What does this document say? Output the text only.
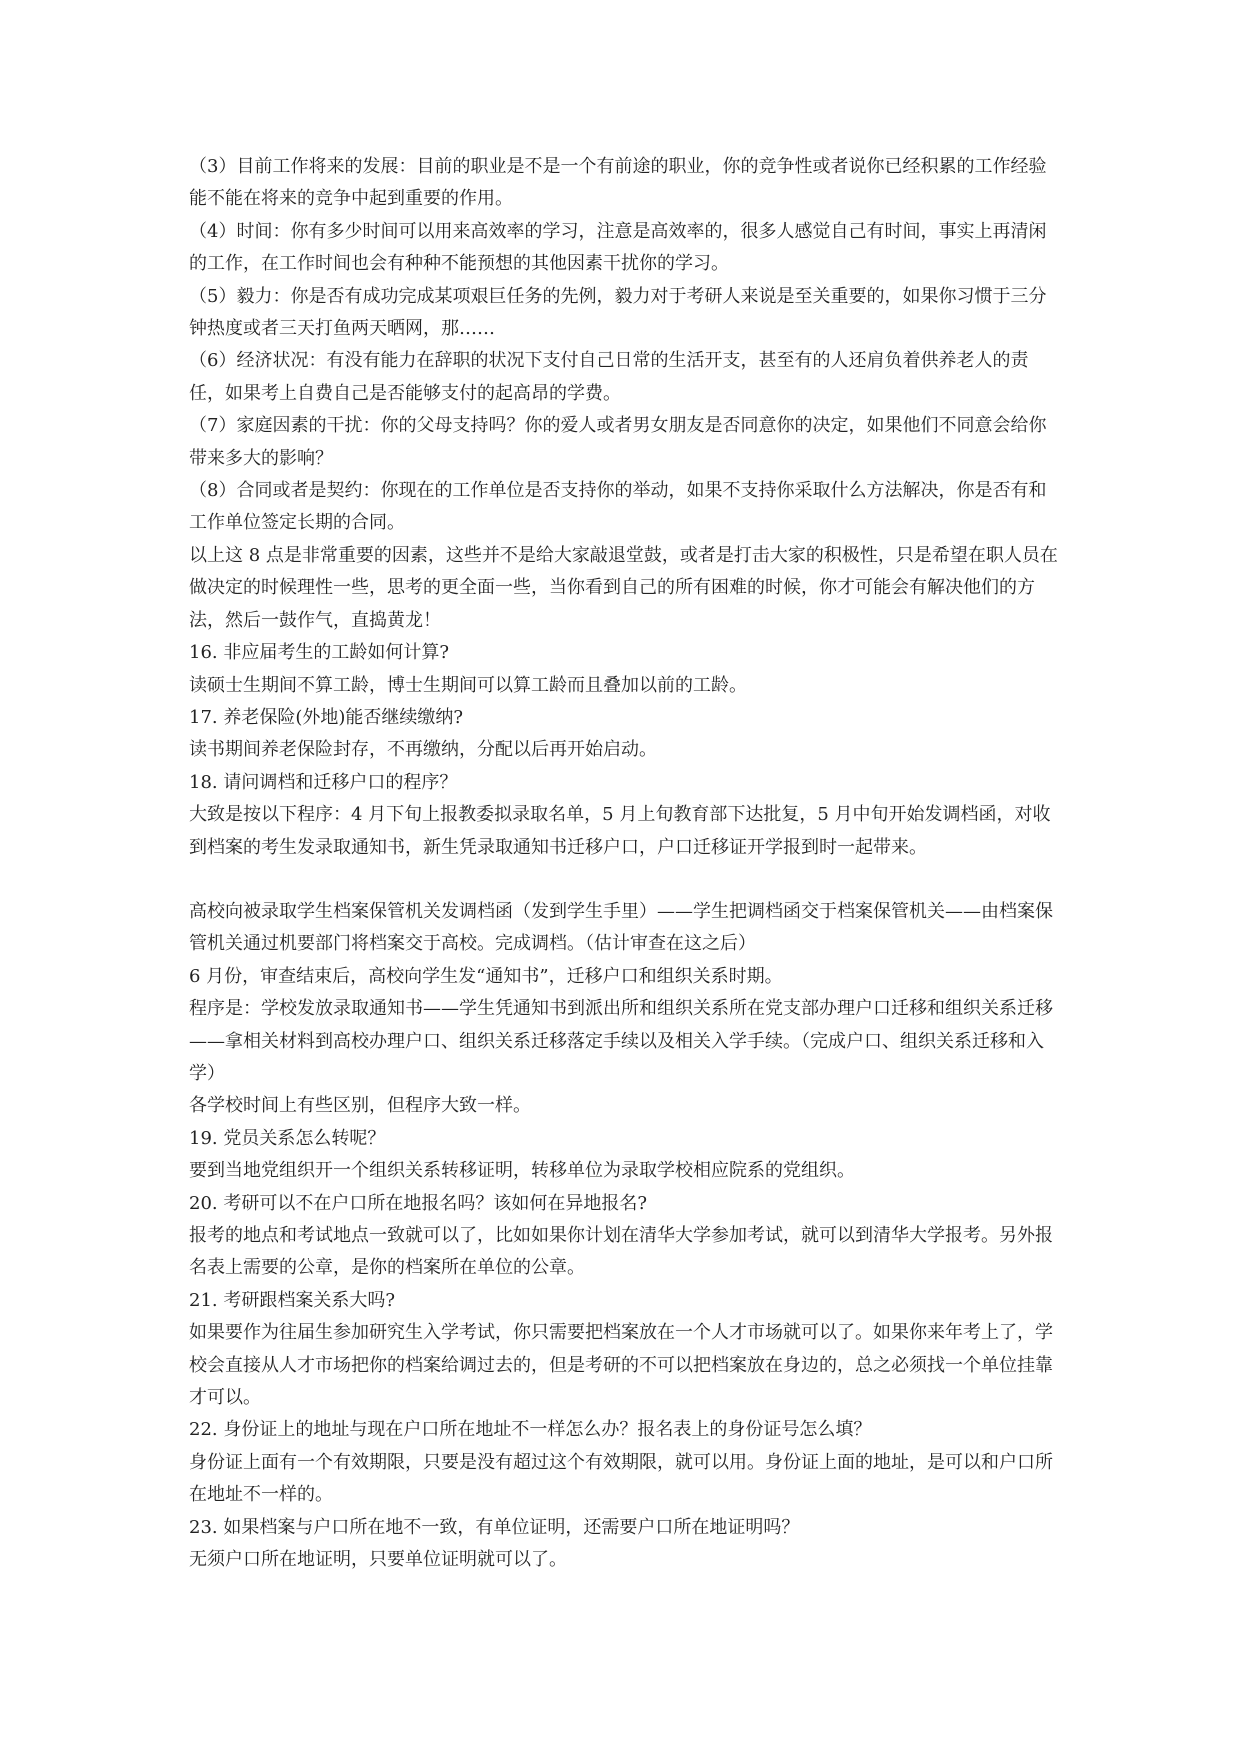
（3）目前工作将来的发展：目前的职业是不是一个有前途的职业，你的竞争性或者说你已经积累的工作经验能不能在将来的竞争中起到重要的作用。

（4）时间：你有多少时间可以用来高效率的学习，注意是高效率的，很多人感觉自己有时间，事实上再清闲的工作，在工作时间也会有种种不能预想的其他因素干扰你的学习。

（5）毅力：你是否有成功完成某项艰巨任务的先例，毅力对于考研人来说是至关重要的，如果你习惯于三分钟热度或者三天打鱼两天晒网，那……

（6）经济状况：有没有能力在辞职的状况下支付自己日常的生活开支，甚至有的人还肩负着供养老人的责任，如果考上自费自己是否能够支付的起高昂的学费。

（7）家庭因素的干扰：你的父母支持吗？你的爱人或者男女朋友是否同意你的决定，如果他们不同意会给你带来多大的影响？

（8）合同或者是契约：你现在的工作单位是否支持你的举动，如果不支持你采取什么方法解决，你是否有和工作单位签定长期的合同。

以上这 8 点是非常重要的因素，这些并不是给大家敲退堂鼓，或者是打击大家的积极性，只是希望在职人员在做决定的时候理性一些，思考的更全面一些，当你看到自己的所有困难的时候，你才可能会有解决他们的方法，然后一鼓作气，直捣黄龙！

16. 非应届考生的工龄如何计算?

读硕士生期间不算工龄，博士生期间可以算工龄而且叠加以前的工龄。

17. 养老保险(外地)能否继续缴纳?

读书期间养老保险封存，不再缴纳，分配以后再开始启动。

18. 请问调档和迁移户口的程序？

大致是按以下程序：4 月下旬上报教委拟录取名单，5 月上旬教育部下达批复，5 月中旬开始发调档函，对收到档案的考生发录取通知书，新生凭录取通知书迁移户口，户口迁移证开学报到时一起带来。

高校向被录取学生档案保管机关发调档函（发到学生手里）——学生把调档函交于档案保管机关——由档案保管机关通过机要部门将档案交于高校。完成调档。（估计审查在这之后）

6 月份，审查结束后，高校向学生发“通知书”，迁移户口和组织关系时期。

程序是：学校发放录取通知书——学生凭通知书到派出所和组织关系所在党支部办理户口迁移和组织关系迁移——拿相关材料到高校办理户口、组织关系迁移落定手续以及相关入学手续。（完成户口、组织关系迁移和入学）

各学校时间上有些区别，但程序大致一样。

19. 党员关系怎么转呢？

要到当地党组织开一个组织关系转移证明，转移单位为录取学校相应院系的党组织。

20. 考研可以不在户口所在地报名吗？该如何在异地报名?

报考的地点和考试地点一致就可以了，比如如果你计划在清华大学参加考试，就可以到清华大学报考。另外报名表上需要的公章，是你的档案所在单位的公章。

21. 考研跟档案关系大吗?

如果要作为往届生参加研究生入学考试，你只需要把档案放在一个人才市场就可以了。如果你来年考上了，学校会直接从人才市场把你的档案给调过去的，但是考研的不可以把档案放在身边的，总之必须找一个单位挂靠才可以。

22. 身份证上的地址与现在户口所在地址不一样怎么办？报名表上的身份证号怎么填？

身份证上面有一个有效期限，只要是没有超过这个有效期限，就可以用。身份证上面的地址，是可以和户口所在地址不一样的。

23. 如果档案与户口所在地不一致，有单位证明，还需要户口所在地证明吗？

无须户口所在地证明，只要单位证明就可以了。
